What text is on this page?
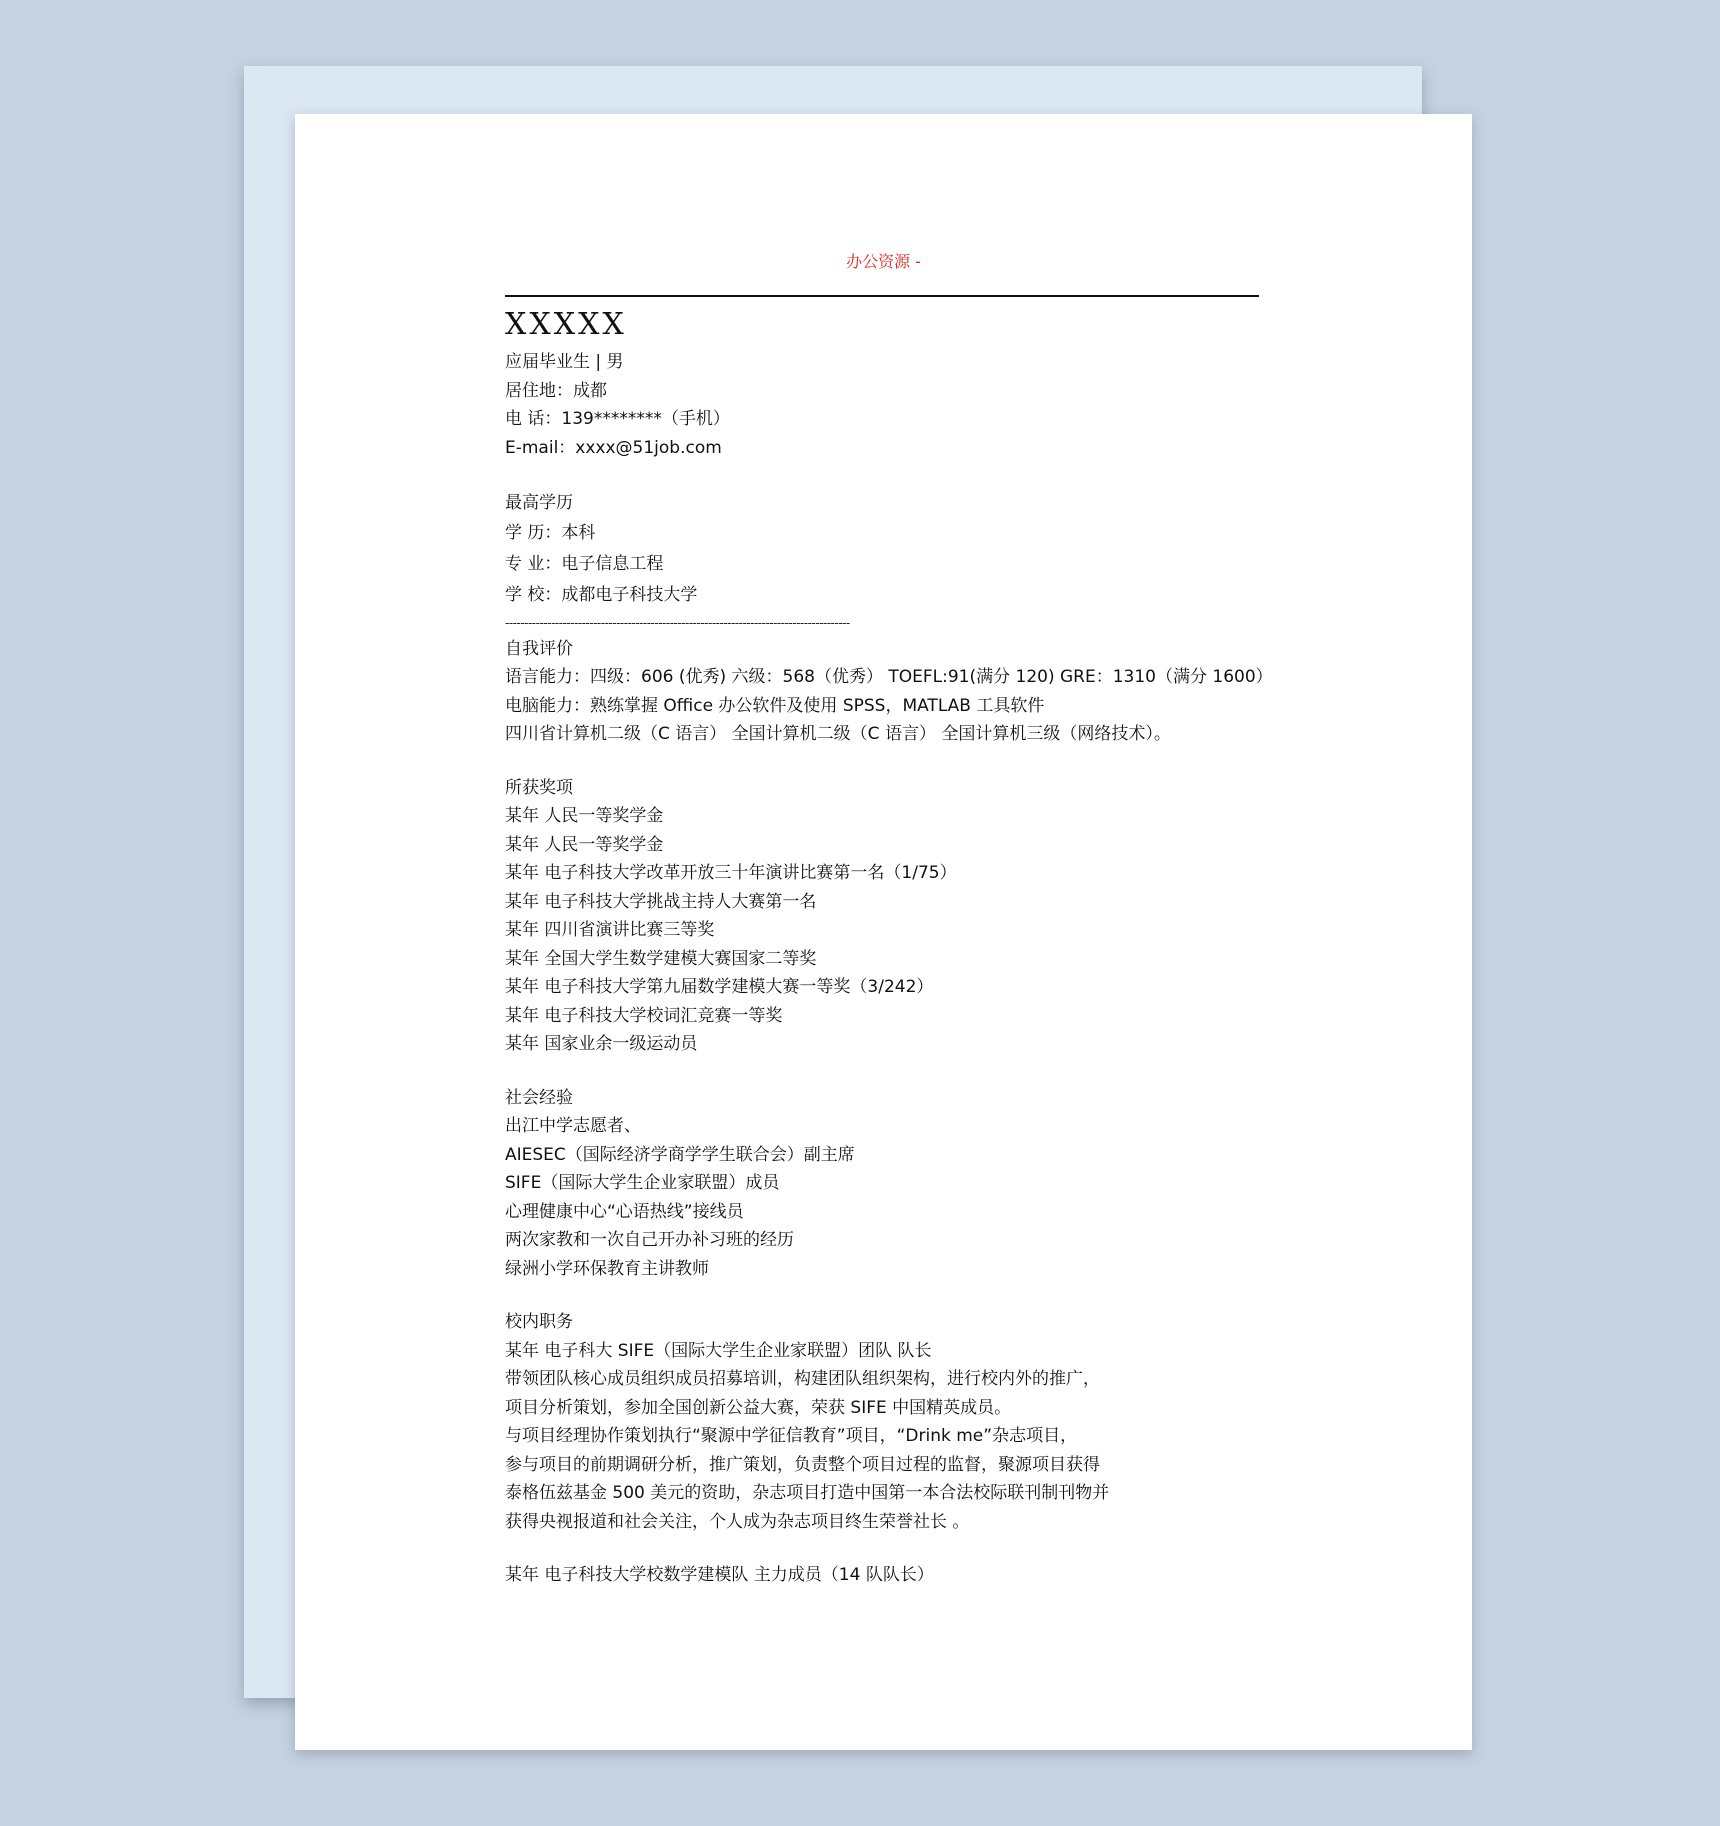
办公资源 -
XXXXX
应届毕业生 | 男
居住地：成都
电 话：139********（手机）
E-mail：xxxx@51job.com
最高学历
学 历：本科
专 业：电子信息工程
学 校：成都电子科技大学
------------------------------------------------------------------------------------------
自我评价
语言能力：四级：606 (优秀) 六级：568（优秀） TOEFL:91(满分 120) GRE：1310（满分 1600）
电脑能力：熟练掌握 Office 办公软件及使用 SPSS，MATLAB 工具软件
四川省计算机二级（C 语言） 全国计算机二级（C 语言） 全国计算机三级（网络技术）。
所获奖项
某年 人民一等奖学金
某年 人民一等奖学金
某年 电子科技大学改革开放三十年演讲比赛第一名（1/75）
某年 电子科技大学挑战主持人大赛第一名
某年 四川省演讲比赛三等奖
某年 全国大学生数学建模大赛国家二等奖
某年 电子科技大学第九届数学建模大赛一等奖（3/242）
某年 电子科技大学校词汇竞赛一等奖
某年 国家业余一级运动员
社会经验
出江中学志愿者、
AIESEC（国际经济学商学学生联合会）副主席
SIFE（国际大学生企业家联盟）成员
心理健康中心“心语热线”接线员
两次家教和一次自己开办补习班的经历
绿洲小学环保教育主讲教师
校内职务
某年 电子科大 SIFE（国际大学生企业家联盟）团队 队长
带领团队核心成员组织成员招募培训，构建团队组织架构，进行校内外的推广，
项目分析策划，参加全国创新公益大赛，荣获 SIFE 中国精英成员。
与项目经理协作策划执行“聚源中学征信教育”项目，“Drink me”杂志项目，
参与项目的前期调研分析，推广策划，负责整个项目过程的监督，聚源项目获得
泰格伍兹基金 500 美元的资助，杂志项目打造中国第一本合法校际联刊制刊物并
获得央视报道和社会关注，个人成为杂志项目终生荣誉社长 。
某年 电子科技大学校数学建模队 主力成员（14 队队长）
